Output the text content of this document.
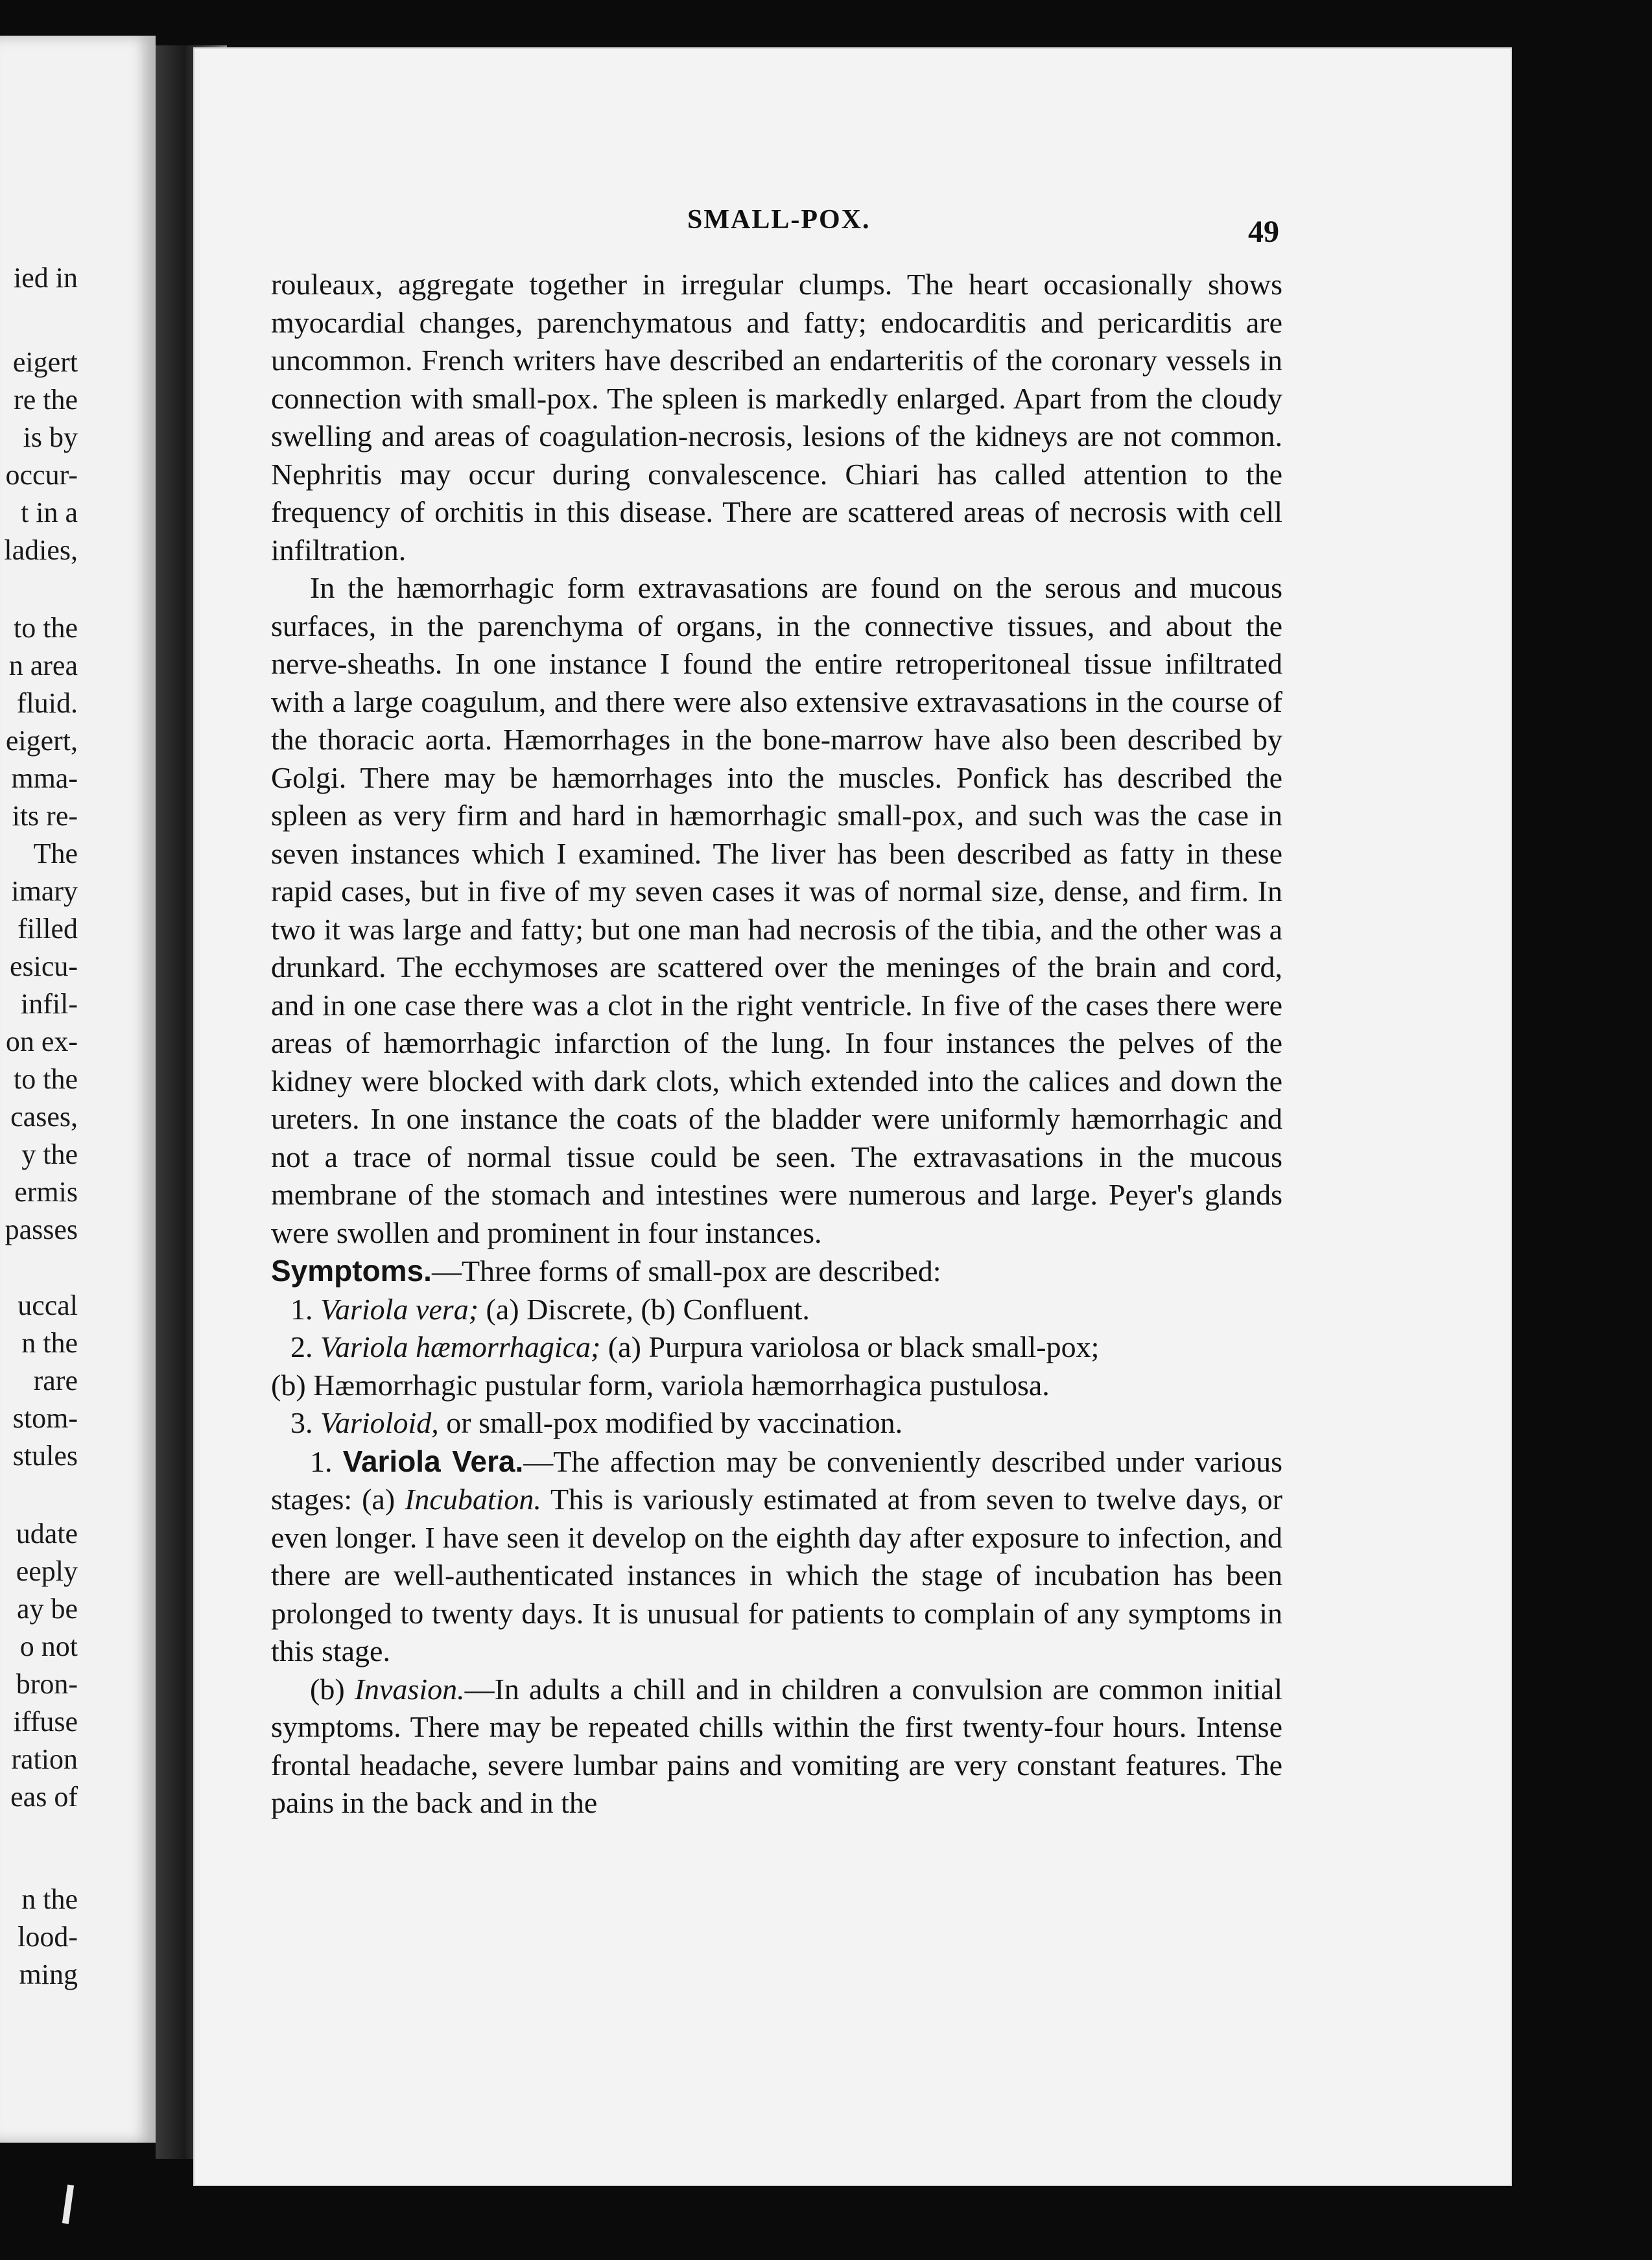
ied in
eigert
re the
is by
occur-
t in a
ladies,
to the
n area
fluid.
eigert,
mma-
its re-
The
imary
filled
esicu-
infil-
on ex-
to the
cases,
y the
ermis
passes
uccal
n the
rare
stom-
stules
udate
eeply
ay be
o not
bron-
iffuse
ration
eas of
n the
lood-
ming
SMALL-POX.	49

rouleaux, aggregate together in irregular clumps. The heart occasionally shows myocardial changes, parenchymatous and fatty; endocarditis and pericarditis are uncommon. French writers have described an endarteritis of the coronary vessels in connection with small-pox. The spleen is markedly enlarged. Apart from the cloudy swelling and areas of coagulation-necrosis, lesions of the kidneys are not common. Nephritis may occur during convalescence. Chiari has called attention to the frequency of orchitis in this disease. There are scattered areas of necrosis with cell infiltration.

In the hæmorrhagic form extravasations are found on the serous and mucous surfaces, in the parenchyma of organs, in the connective tissues, and about the nerve-sheaths. In one instance I found the entire retroperitoneal tissue infiltrated with a large coagulum, and there were also extensive extravasations in the course of the thoracic aorta. Hæmorrhages in the bone-marrow have also been described by Golgi. There may be hæmorrhages into the muscles. Ponfick has described the spleen as very firm and hard in hæmorrhagic small-pox, and such was the case in seven instances which I examined. The liver has been described as fatty in these rapid cases, but in five of my seven cases it was of normal size, dense, and firm. In two it was large and fatty; but one man had necrosis of the tibia, and the other was a drunkard. The ecchymoses are scattered over the meninges of the brain and cord, and in one case there was a clot in the right ventricle. In five of the cases there were areas of hæmorrhagic infarction of the lung. In four instances the pelves of the kidney were blocked with dark clots, which extended into the calices and down the ureters. In one instance the coats of the bladder were uniformly hæmorrhagic and not a trace of normal tissue could be seen. The extravasations in the mucous membrane of the stomach and intestines were numerous and large. Peyer's glands were swollen and prominent in four instances.

Symptoms.—Three forms of small-pox are described:

1. Variola vera; (a) Discrete, (b) Confluent.

2. Variola hæmorrhagica; (a) Purpura variolosa or black small-pox;

(b) Hæmorrhagic pustular form, variola hæmorrhagica pustulosa.

3. Varioloid, or small-pox modified by vaccination.

1. Variola Vera.—The affection may be conveniently described under various stages: (a) Incubation. This is variously estimated at from seven to twelve days, or even longer. I have seen it develop on the eighth day after exposure to infection, and there are well-authenticated instances in which the stage of incubation has been prolonged to twenty days. It is unusual for patients to complain of any symptoms in this stage.

(b) Invasion.—In adults a chill and in children a convulsion are common initial symptoms. There may be repeated chills within the first twenty-four hours. Intense frontal headache, severe lumbar pains and vomiting are very constant features. The pains in the back and in the
